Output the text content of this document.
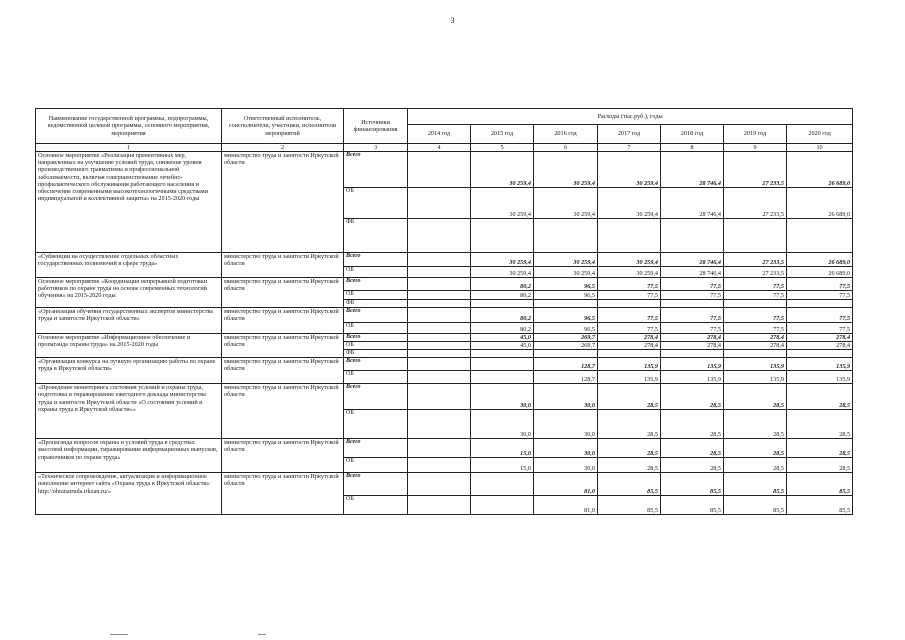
3
Наименование государственной программы, подпрограммы, ведомственной целевой программы, основного мероприятия, мероприятия	Ответственный исполнитель, соисполнители, участники, исполнители мероприятий	Источники финансирования	Расходы (тыс.руб.), годы						
			2014 год	2015 год	2016 год	2017 год	2018 год	2019 год	2020 год
1	2	3	4	5	6	7	8	9	10
Основное мероприятие «Реализация превентивных мер, направленных на улучшение условий труда, снижение уровня производственного травматизма и профессиональной заболеваемости, включая совершенствование лечебно-профилактического обслуживания работающего населения и обеспечение современными высокотехнологичными средствами индивидуальной и коллективной защиты» на 2015-2020 годы	министерство труда и занятости Иркутской области	Всего		30 259,4	30 259,4	30 259,4	28 746,4	27 233,5	26 689,0
		ОБ		30 259,4	30 259,4	30 259,4	28 746,4	27 233,5	26 689,0
		ФБ							
«Субвенции на осуществление отдельных областных государственных полномочий в сфере труда»	министерство труда и занятости Иркутской области	Всего		30 259,4	30 259,4	30 259,4	28 746,4	27 233,5	26 689,0
		ОБ		30 259,4	30 259,4	30 259,4	28 746,4	27 233,5	26 689,0
Основное мероприятие «Координация непрерывной подготовки работников по охране труда на основе современных технологий обучения» на 2015-2020 годы	министерство труда и занятости Иркутской области	Всего		80,2	96,5	77,5	77,5	77,5	77,5
		ОБ		80,2	96,5	77,5	77,5	77,5	77,5
		ФБ							
«Организация обучения государственных экспертов министерства труда и занятости Иркутской области»	министерство труда и занятости Иркутской области	Всего		80,2	96,5	77,5	77,5	77,5	77,5
		ОБ		80,2	96,5	77,5	77,5	77,5	77,5
Основное мероприятие «Информационное обеспечение и пропаганда охраны труда» на 2015-2020 годы	министерство труда и занятости Иркутской области	Всего		45,0	269,7	278,4	278,4	278,4	278,4
		ОБ		45,0	269,7	278,4	278,4	278,4	278,4
		ФБ							
«Организация конкурса на лучшую организацию работы по охране труда в Иркутской области»	министерство труда и занятости Иркутской области	Всего			128,7	135,9	135,9	135,9	135,9
		ОБ			128,7	135,9	135,9	135,9	135,9
«Проведение мониторинга состояния условий и охраны труда, подготовка и тиражирование ежегодного доклада министерства труда и занятости Иркутской области «О состоянии условий и охраны труда в Иркутской области»»	министерство труда и занятости Иркутской области	Всего		30,0	30,0	28,5	28,5	28,5	28,5
		ОБ		30,0	30,0	28,5	28,5	28,5	28,5
«Пропаганда вопросов охраны и условий труда в средствах массовой информации, тиражирование информационных выпусков, справочников по охране труда»	министерство труда и занятости Иркутской области	Всего		15,0	30,0	28,5	28,5	28,5	28,5
		ОБ		15,0	30,0	28,5	28,5	28,5	28,5
«Техническое сопровождение, актуализация и информационное наполнение интернет сайта «Охрана труда в Иркутской области» http://ohranatruda.irkzan.ru/»	министерство труда и занятости Иркутской области	Всего			81,0	85,5	85,5	85,5	85,5
		ОБ			81,0	85,5	85,5	85,5	85,5
